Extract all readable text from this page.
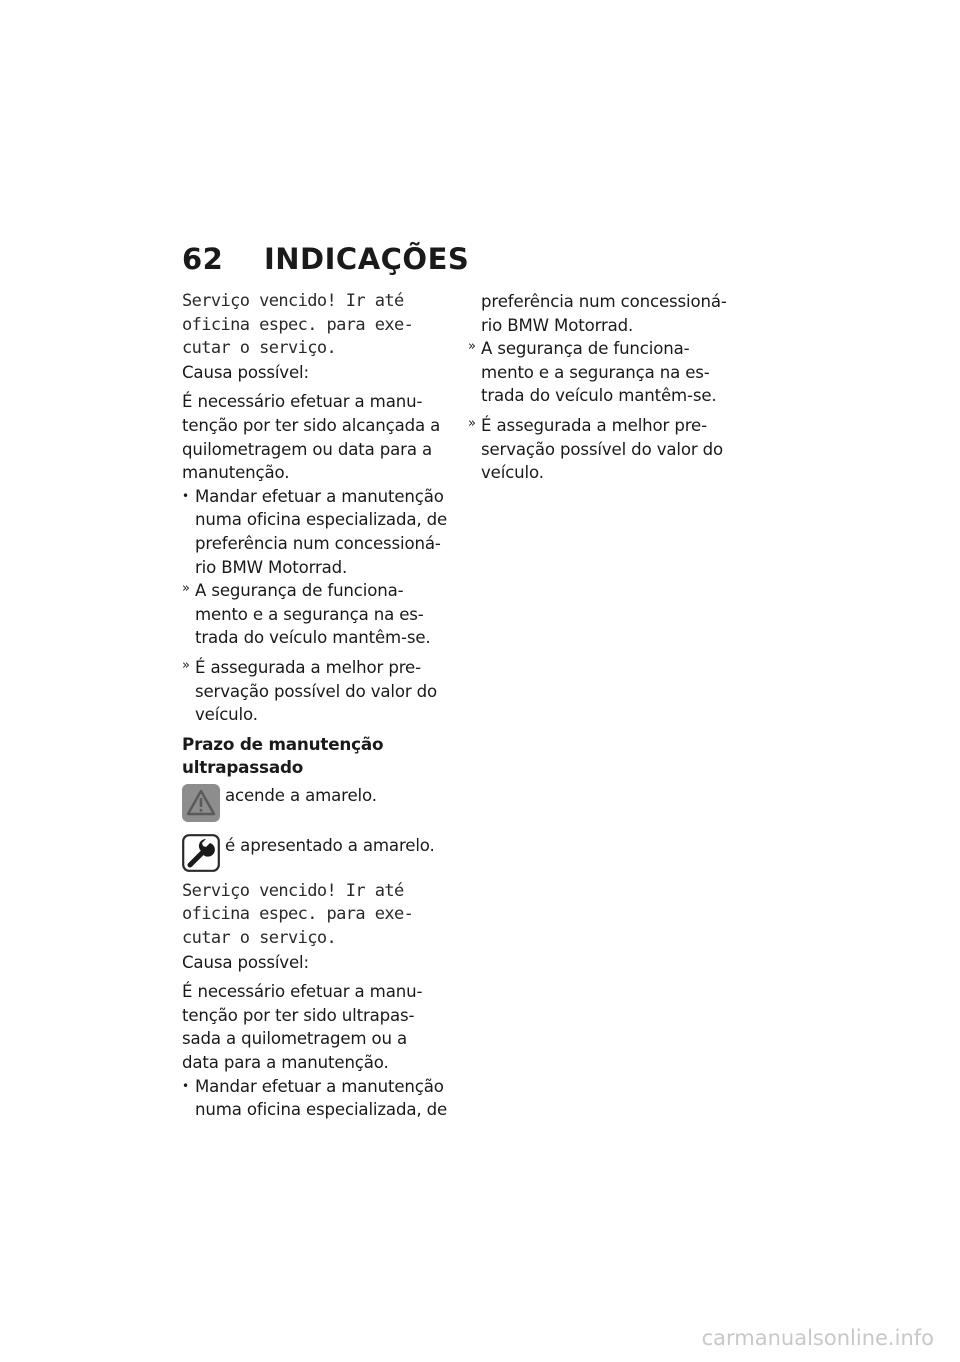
62 INDICAÇÕES

Serviço vencido! Ir até
oficina espec. para exe-
cutar o serviço.

Causa possível:

É necessário efetuar a manu-
tenção por ter sido alcançada a
quilometragem ou data para a
manutenção.

• Mandar efetuar a manutenção
numa oficina especializada, de
preferência num concessioná-
rio BMW Motorrad.
» A segurança de funciona-
mento e a segurança na es-
trada do veículo mantêm-se.
» É assegurada a melhor pre-
servação possível do valor do
veículo.

Prazo de manutenção
ultrapassado

acende a amarelo.
é apresentado a amarelo.

Serviço vencido! Ir até
oficina espec. para exe-
cutar o serviço.

Causa possível:

É necessário efetuar a manu-
tenção por ter sido ultrapas-
sada a quilometragem ou a
data para a manutenção.

• Mandar efetuar a manutenção
numa oficina especializada, de
preferência num concessioná-
rio BMW Motorrad.
» A segurança de funciona-
mento e a segurança na es-
trada do veículo mantêm-se.
» É assegurada a melhor pre-
servação possível do valor do
veículo.
carmanualsonline.info
